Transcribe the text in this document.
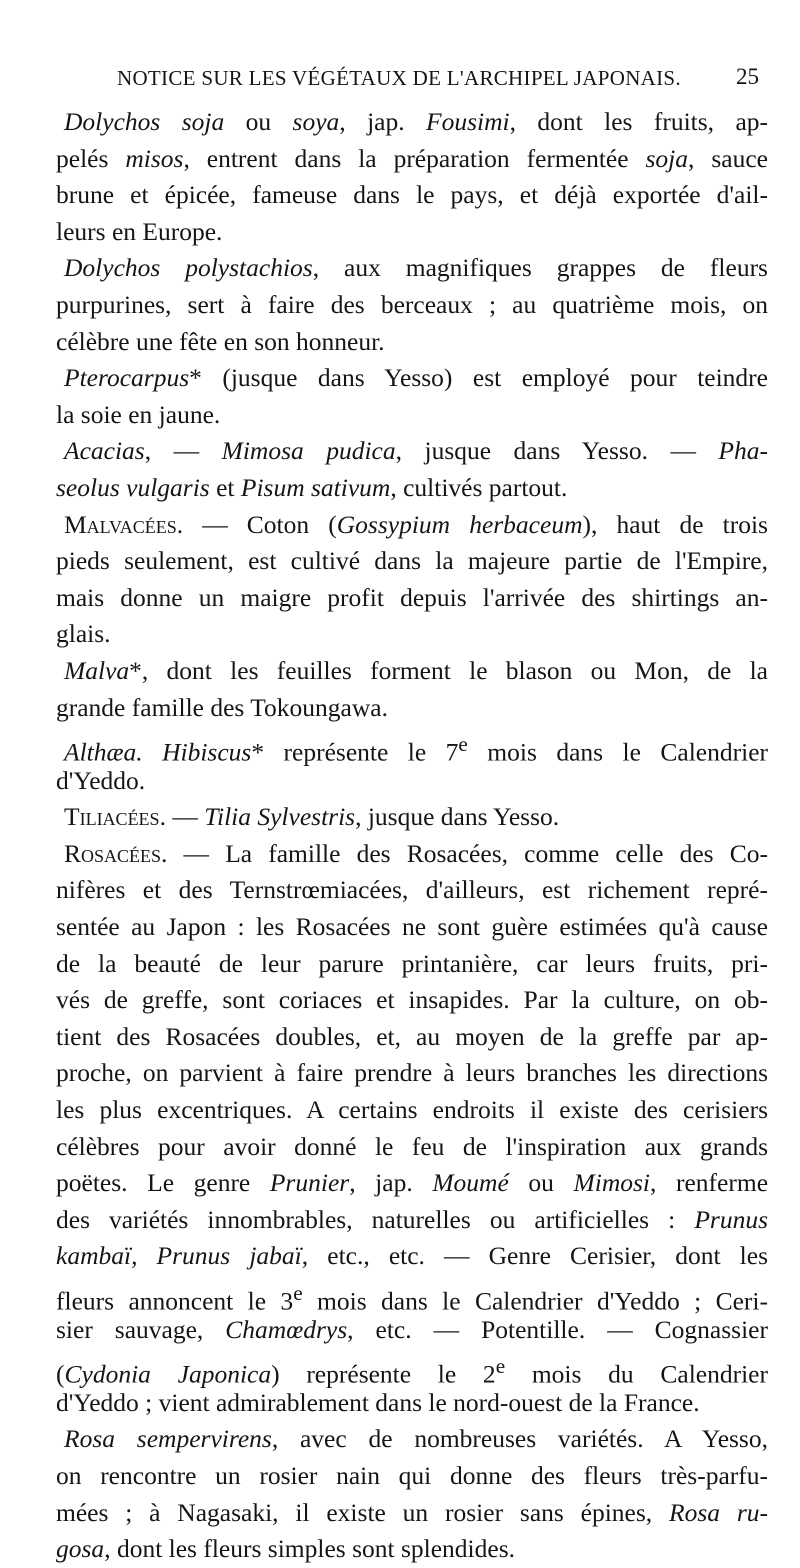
NOTICE SUR LES VÉGÉTAUX DE L'ARCHIPEL JAPONAIS.	25
Dolychos soja ou soya, jap. Fousimi, dont les fruits, ap-
pelés misos, entrent dans la préparation fermentée soja, sauce
brune et épicée, fameuse dans le pays, et déjà exportée d'ail-
leurs en Europe.
Dolychos polystachios, aux magnifiques grappes de fleurs
purpurines, sert à faire des berceaux ; au quatrième mois, on
célèbre une fête en son honneur.
Pterocarpus* (jusque dans Yesso) est employé pour teindre
la soie en jaune.
Acacias, — Mimosa pudica, jusque dans Yesso. — Pha-
seolus vulgaris et Pisum sativum, cultivés partout.
Malvacées. — Coton (Gossypium herbaceum), haut de trois
pieds seulement, est cultivé dans la majeure partie de l'Empire,
mais donne un maigre profit depuis l'arrivée des shirtings an-
glais.
Malva*, dont les feuilles forment le blason ou Mon, de la
grande famille des Tokoungawa.
Althæa. Hibiscus* représente le 7e mois dans le Calendrier
d'Yeddo.
Tiliacées. — Tilia Sylvestris, jusque dans Yesso.
Rosacées. — La famille des Rosacées, comme celle des Co-
nifères et des Ternstrœmiacées, d'ailleurs, est richement repré-
sentée au Japon : les Rosacées ne sont guère estimées qu'à cause
de la beauté de leur parure printanière, car leurs fruits, pri-
vés de greffe, sont coriaces et insapides. Par la culture, on ob-
tient des Rosacées doubles, et, au moyen de la greffe par ap-
proche, on parvient à faire prendre à leurs branches les directions
les plus excentriques. A certains endroits il existe des cerisiers
célèbres pour avoir donné le feu de l'inspiration aux grands
poëtes. Le genre Prunier, jap. Moumé ou Mimosi, renferme
des variétés innombrables, naturelles ou artificielles : Prunus
kambaï, Prunus jabaï, etc., etc. — Genre Cerisier, dont les
fleurs annoncent le 3e mois dans le Calendrier d'Yeddo ; Ceri-
sier sauvage, Chamœdrys, etc. — Potentille. — Cognassier
(Cydonia Japonica) représente le 2e mois du Calendrier
d'Yeddo ; vient admirablement dans le nord-ouest de la France.
Rosa sempervirens, avec de nombreuses variétés. A Yesso,
on rencontre un rosier nain qui donne des fleurs très-parfu-
mées ; à Nagasaki, il existe un rosier sans épines, Rosa ru-
gosa, dont les fleurs simples sont splendides.
